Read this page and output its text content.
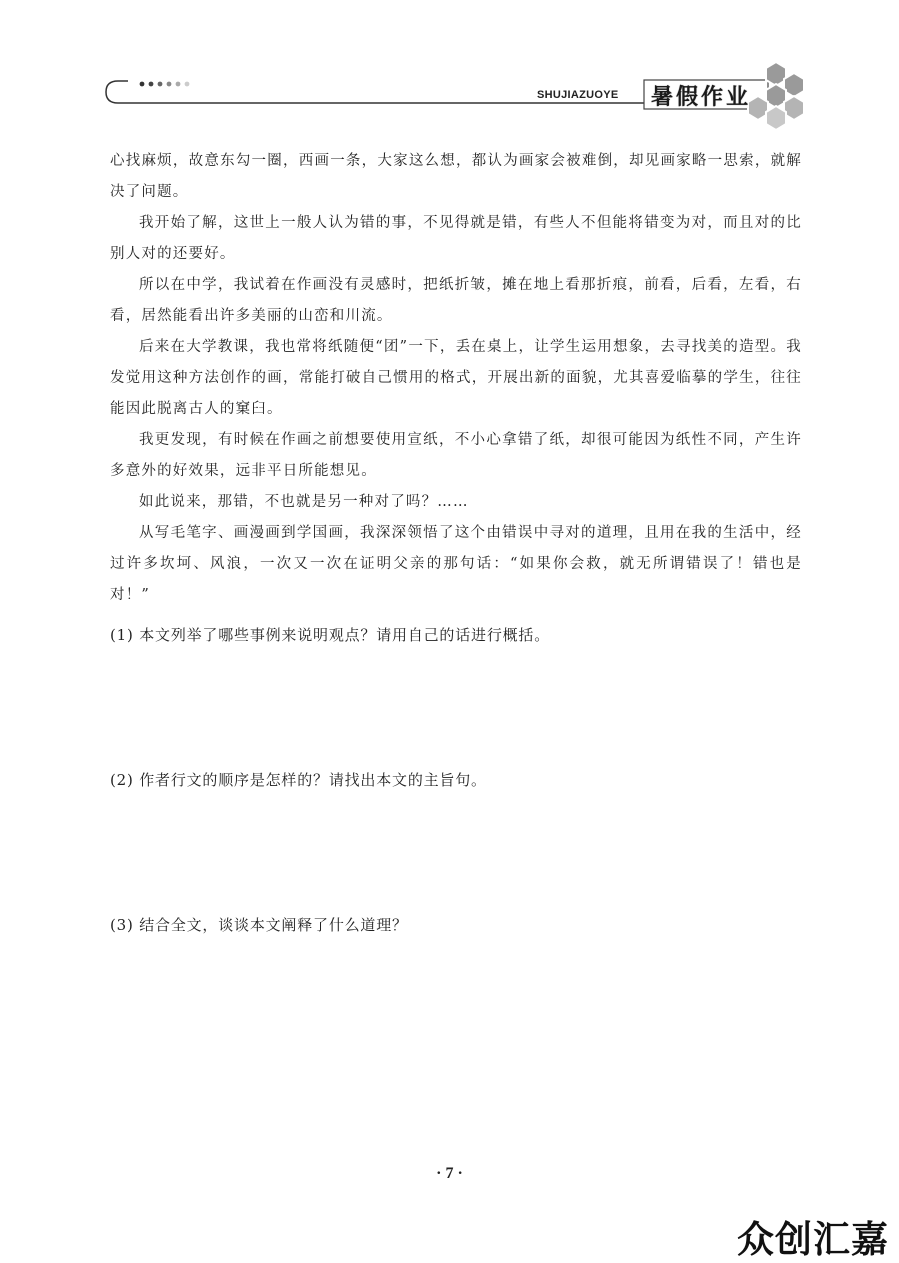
SHUJIAZUOYE 暑假作业

心找麻烦，故意东勾一圈，西画一条，大家这么想，都认为画家会被难倒，却见画家略一思索，就解决了问题。

我开始了解，这世上一般人认为错的事，不见得就是错，有些人不但能将错变为对，而且对的比别人对的还要好。

所以在中学，我试着在作画没有灵感时，把纸折皱，摊在地上看那折痕，前看，后看，左看，右看，居然能看出许多美丽的山峦和川流。

后来在大学教课，我也常将纸随便“团”一下，丢在桌上，让学生运用想象，去寻找美的造型。我发觉用这种方法创作的画，常能打破自己惯用的格式，开展出新的面貌，尤其喜爱临摹的学生，往往能因此脱离古人的窠臼。

我更发现，有时候在作画之前想要使用宣纸，不小心拿错了纸，却很可能因为纸性不同，产生许多意外的好效果，远非平日所能想见。

如此说来，那错，不也就是另一种对了吗？……

从写毛笔字、画漫画到学国画，我深深领悟了这个由错误中寻对的道理，且用在我的生活中，经过许多坎坷、风浪，一次又一次在证明父亲的那句话：“如果你会救，就无所谓错误了！错也是对！”

(1) 本文列举了哪些事例来说明观点？请用自己的话进行概括。
(2) 作者行文的顺序是怎样的？请找出本文的主旨句。
(3) 结合全文，谈谈本文阐释了什么道理？
· 7 ·
众创汇嘉
